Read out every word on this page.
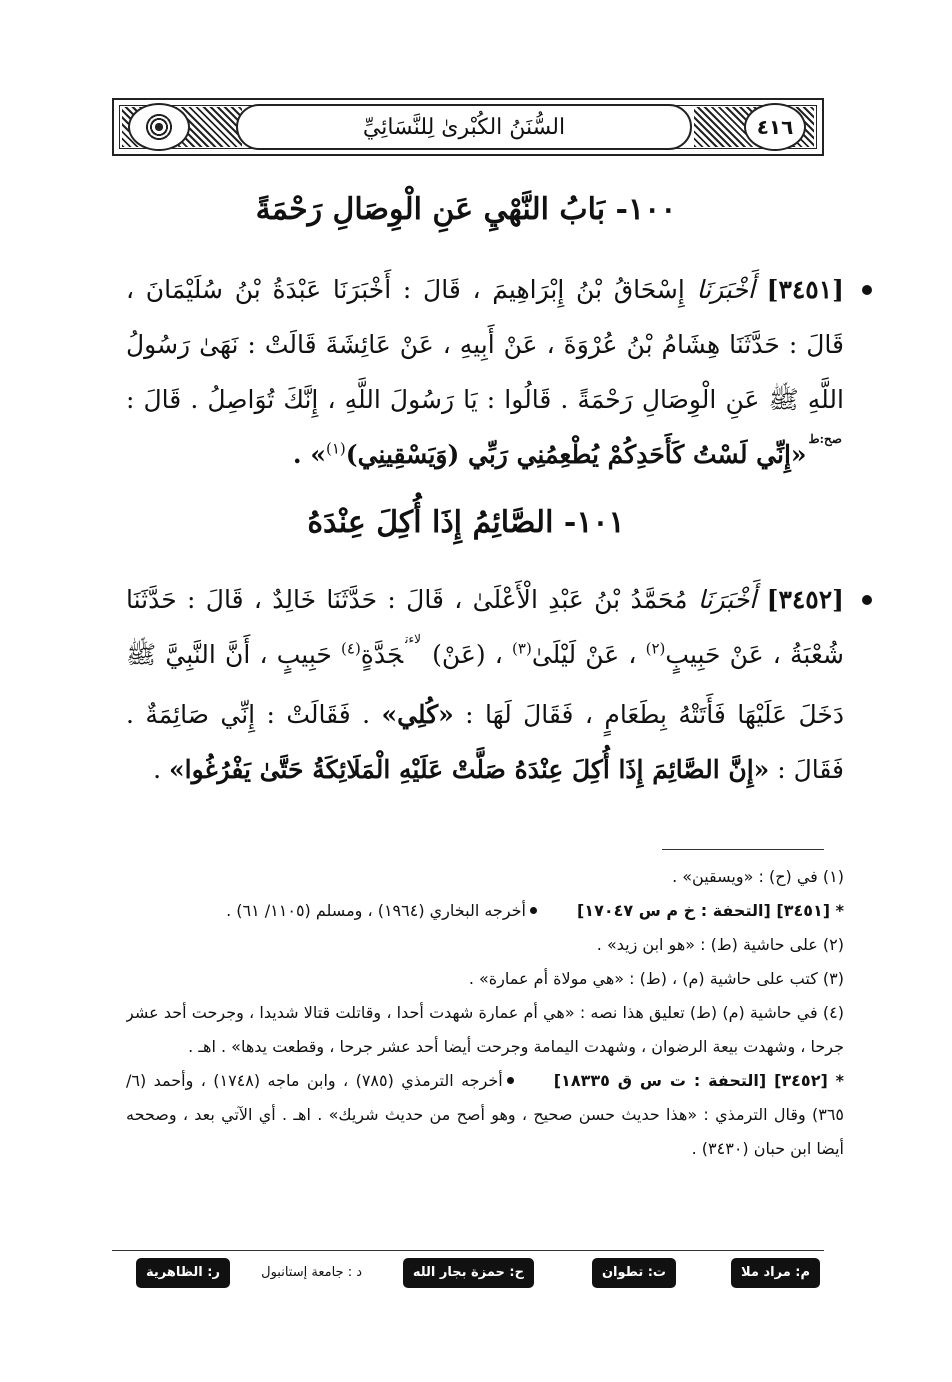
٤١٦
السُّنَنُ الكُبْرىٰ لِلنَّسَائِيِّ
١٠٠- بَابُ النَّهْيِ عَنِ الْوِصَالِ رَحْمَةً
[٣٤٥١] أَخْبَرَنَا إِسْحَاقُ بْنُ إِبْرَاهِيمَ ، قَالَ : أَخْبَرَنَا عَبْدَةُ بْنُ سُلَيْمَانَ ، قَالَ : حَدَّثَنَا هِشَامُ بْنُ عُرْوَةَ ، عَنْ أَبِيهِ ، عَنْ عَائِشَةَ قَالَتْ : نَهَىٰ رَسُولُ اللَّهِ ﷺ عَنِ الْوِصَالِ رَحْمَةً . قَالُوا : يَا رَسُولَ اللَّهِ ، إِنَّكَ تُوَاصِلُ . قَالَ : $^{صح:ط}$«إِنِّي لَسْتُ كَأَحَدِكُمْ يُطْعِمُنِي رَبِّي (وَيَسْقِينِي)$^{(١)}$» .
١٠١- الصَّائِمُ إِذَا أُكِلَ عِنْدَهُ
[٣٤٥٢] أَخْبَرَنَا مُحَمَّدُ بْنُ عَبْدِ الْأَعْلَىٰ ، قَالَ : حَدَّثَنَا خَالِدٌ ، قَالَ : حَدَّثَنَا شُعْبَةُ ، عَنْ حَبِيبٍ$^{(٢)}$ ، عَنْ لَيْلَىٰ$^{(٣)}$ ، (عَنْ) $^{لاءت}$جَدَّةٍ$^{(٤)}$ حَبِيبٍ ، أَنَّ النَّبِيَّ ﷺ دَخَلَ عَلَيْهَا فَأَتَتْهُ بِطَعَامٍ ، فَقَالَ لَهَا : «كُلِي» . فَقَالَتْ : إِنِّي صَائِمَةٌ . فَقَالَ : «إِنَّ الصَّائِمَ إِذَا أُكِلَ عِنْدَهُ صَلَّتْ عَلَيْهِ الْمَلَائِكَةُ حَتَّىٰ يَفْرُغُوا» .
(١) في (ح) : «ويسقين» .
* [٣٤٥١] [التحفة : خ م س ١٧٠٤٧]أخرجه البخاري (١٩٦٤) ، ومسلم (١١٠٥/ ٦١) .
(٢) على حاشية (ط) : «هو ابن زيد» .
(٣) كتب على حاشية (م) ، (ط) : «هي مولاة أم عمارة» .
(٤) في حاشية (م) (ط) تعليق هذا نصه : «هي أم عمارة شهدت أحدا ، وقاتلت قتالا شديدا ، وجرحت أحد عشر جرحا ، وشهدت بيعة الرضوان ، وشهدت اليمامة وجرحت أيضا أحد عشر جرحا ، وقطعت يدها» . اهـ .
* [٣٤٥٢] [التحفة : ت س ق ١٨٣٣٥]أخرجه الترمذي (٧٨٥) ، وابن ماجه (١٧٤٨) ، وأحمد (٦/ ٣٦٥) وقال الترمذي : «هذا حديث حسن صحيح ، وهو أصح من حديث شريك» . اهـ . أي الآتي بعد ، وصححه أيضا ابن حبان (٣٤٣٠) .
م: مراد ملا
ت: تطوان
ح: حمزة بجار الله
د : جامعة إستانبول
ر: الظاهرية
